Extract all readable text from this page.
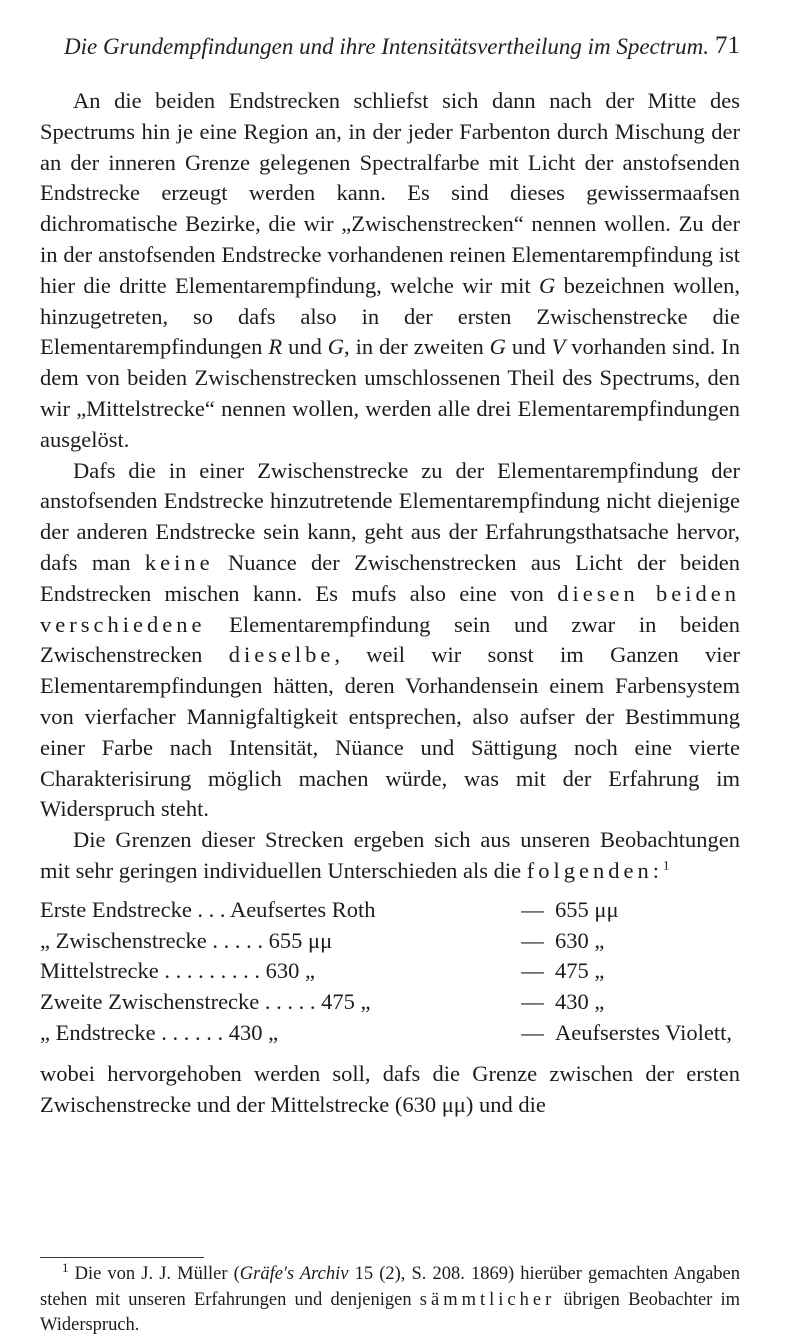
Die Grundempfindungen und ihre Intensitätsvertheilung im Spectrum. 71

An die beiden Endstrecken schliefst sich dann nach der Mitte des Spectrums hin je eine Region an, in der jeder Farbenton durch Mischung der an der inneren Grenze gelegenen Spectralfarbe mit Licht der anstofsenden Endstrecke erzeugt werden kann. Es sind dieses gewissermaafsen dichromatische Bezirke, die wir „Zwischenstrecken“ nennen wollen. Zu der in der anstofsenden Endstrecke vorhandenen reinen Elementarempfindung ist hier die dritte Elementarempfindung, welche wir mit G bezeichnen wollen, hinzugetreten, so dafs also in der ersten Zwischenstrecke die Elementarempfindungen R und G, in der zweiten G und V vorhanden sind. In dem von beiden Zwischenstrecken umschlossenen Theil des Spectrums, den wir „Mittelstrecke“ nennen wollen, werden alle drei Elementarempfindungen ausgelöst.

Dafs die in einer Zwischenstrecke zu der Elementarempfindung der anstofsenden Endstrecke hinzutretende Elementarempfindung nicht diejenige der anderen Endstrecke sein kann, geht aus der Erfahrungsthatsache hervor, dafs man keine Nuance der Zwischenstrecken aus Licht der beiden Endstrecken mischen kann. Es mufs also eine von diesen beiden verschiedene Elementarempfindung sein und zwar in beiden Zwischenstrecken dieselbe, weil wir sonst im Ganzen vier Elementarempfindungen hätten, deren Vorhandensein einem Farbensystem von vierfacher Mannigfaltigkeit entsprechen, also aufser der Bestimmung einer Farbe nach Intensität, Nüance und Sättigung noch eine vierte Charakterisirung möglich machen würde, was mit der Erfahrung im Widerspruch steht.

Die Grenzen dieser Strecken ergeben sich aus unseren Beobachtungen mit sehr geringen individuellen Unterschieden als die folgenden:$^1$

Erste Endstrecke . . . Aeufsertes Roth	— 655 μμ
„ Zwischenstrecke . . . . . 655 μμ	— 630 „
Mittelstrecke . . . . . . . . . 630 „	— 475 „
Zweite Zwischenstrecke . . . . . 475 „	— 430 „
„ Endstrecke . . . . . . 430 „	— Aeufserstes Violett,

wobei hervorgehoben werden soll, dafs die Grenze zwischen der ersten Zwischenstrecke und der Mittelstrecke (630 μμ) und die

$^1$ Die von J. J. Müller (Gräfe's Archiv 15 (2), S. 208. 1869) hierüber gemachten Angaben stehen mit unseren Erfahrungen und denjenigen sämmtlicher übrigen Beobachter im Widerspruch.
